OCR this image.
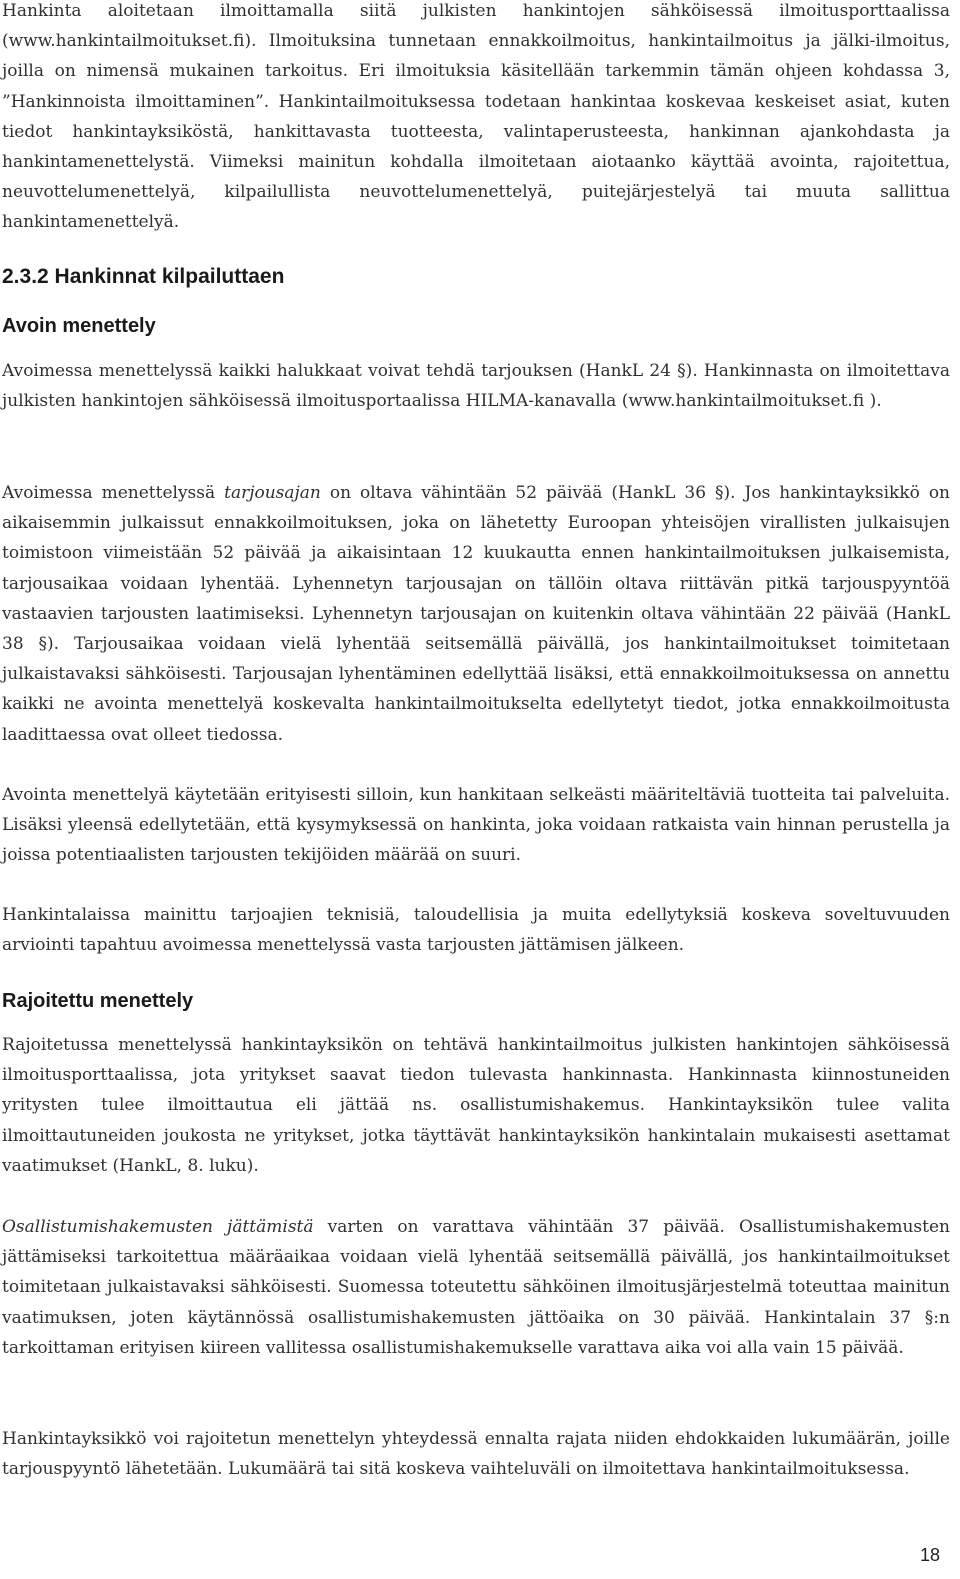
Hankinta aloitetaan ilmoittamalla siitä julkisten hankintojen sähköisessä ilmoitusporttaalissa (www.hankintailmoitukset.fi). Ilmoituksina tunnetaan ennakkoilmoitus, hankintailmoitus ja jälki-ilmoitus, joilla on nimensä mukainen tarkoitus. Eri ilmoituksia käsitellään tarkemmin tämän ohjeen kohdassa 3, ”Hankinnoista ilmoittaminen”. Hankintailmoituksessa todetaan hankintaa koskevaa keskeiset asiat, kuten tiedot hankintayksiköstä, hankittavasta tuotteesta, valintaperusteesta, hankinnan ajankohdasta ja hankintamenettelystä. Viimeksi mainitun kohdalla ilmoitetaan aiotaanko käyttää avointa, rajoitettua, neuvottelumenettelyä, kilpailullista neuvottelumenettelyä, puitejärjestelyä tai muuta sallittua hankintamenettelyä.

2.3.2 Hankinnat kilpailuttaen
Avoin menettely

Avoimessa menettelyssä kaikki halukkaat voivat tehdä tarjouksen (HankL 24 §). Hankinnasta on ilmoitettava julkisten hankintojen sähköisessä ilmoitusportaalissa HILMA-kanavalla (www.hankintailmoitukset.fi ).

Avoimessa menettelyssä tarjousajan on oltava vähintään 52 päivää (HankL 36 §). Jos hankintayksikkö on aikaisemmin julkaissut ennakkoilmoituksen, joka on lähetetty Euroopan yhteisöjen virallisten julkaisujen toimistoon viimeistään 52 päivää ja aikaisintaan 12 kuukautta ennen hankintailmoituksen julkaisemista, tarjousaikaa voidaan lyhentää. Lyhennetyn tarjousajan on tällöin oltava riittävän pitkä tarjouspyyntöä vastaavien tarjousten laatimiseksi. Lyhennetyn tarjousajan on kuitenkin oltava vähintään 22 päivää (HankL 38 §). Tarjousaikaa voidaan vielä lyhentää seitsemällä päivällä, jos hankintailmoitukset toimitetaan julkaistavaksi sähköisesti. Tarjousajan lyhentäminen edellyttää lisäksi, että ennakkoilmoituksessa on annettu kaikki ne avointa menettelyä koskevalta hankintailmoitukselta edellytetyt tiedot, jotka ennakkoilmoitusta laadittaessa ovat olleet tiedossa.

Avointa menettelyä käytetään erityisesti silloin, kun hankitaan selkeästi määriteltäviä tuotteita tai palveluita. Lisäksi yleensä edellytetään, että kysymyksessä on hankinta, joka voidaan ratkaista vain hinnan perustella ja joissa potentiaalisten tarjousten tekijöiden määrää on suuri.

Hankintalaissa mainittu tarjoajien teknisiä, taloudellisia ja muita edellytyksiä koskeva soveltuvuuden arviointi tapahtuu avoimessa menettelyssä vasta tarjousten jättämisen jälkeen.

Rajoitettu menettely

Rajoitetussa menettelyssä hankintayksikön on tehtävä hankintailmoitus julkisten hankintojen sähköisessä ilmoitusporttaalissa, jota yritykset saavat tiedon tulevasta hankinnasta. Hankinnasta kiinnostuneiden yritysten tulee ilmoittautua eli jättää ns. osallistumishakemus. Hankintayksikön tulee valita ilmoittautuneiden joukosta ne yritykset, jotka täyttävät hankintayksikön hankintalain mukaisesti asettamat vaatimukset (HankL, 8. luku).

Osallistumishakemusten jättämistä varten on varattava vähintään 37 päivää. Osallistumishakemusten jättämiseksi tarkoitettua määräaikaa voidaan vielä lyhentää seitsemällä päivällä, jos hankintailmoitukset toimitetaan julkaistavaksi sähköisesti. Suomessa toteutettu sähköinen ilmoitusjärjestelmä toteuttaa mainitun vaatimuksen, joten käytännössä osallistumishakemusten jättöaika on 30 päivää. Hankintalain 37 §:n tarkoittaman erityisen kiireen vallitessa osallistumishakemukselle varattava aika voi alla vain 15 päivää.

Hankintayksikkö voi rajoitetun menettelyn yhteydessä ennalta rajata niiden ehdokkaiden lukumäärän, joille tarjouspyyntö lähetetään. Lukumäärä tai sitä koskeva vaihteluväli on ilmoitettava hankintailmoituksessa.

18
